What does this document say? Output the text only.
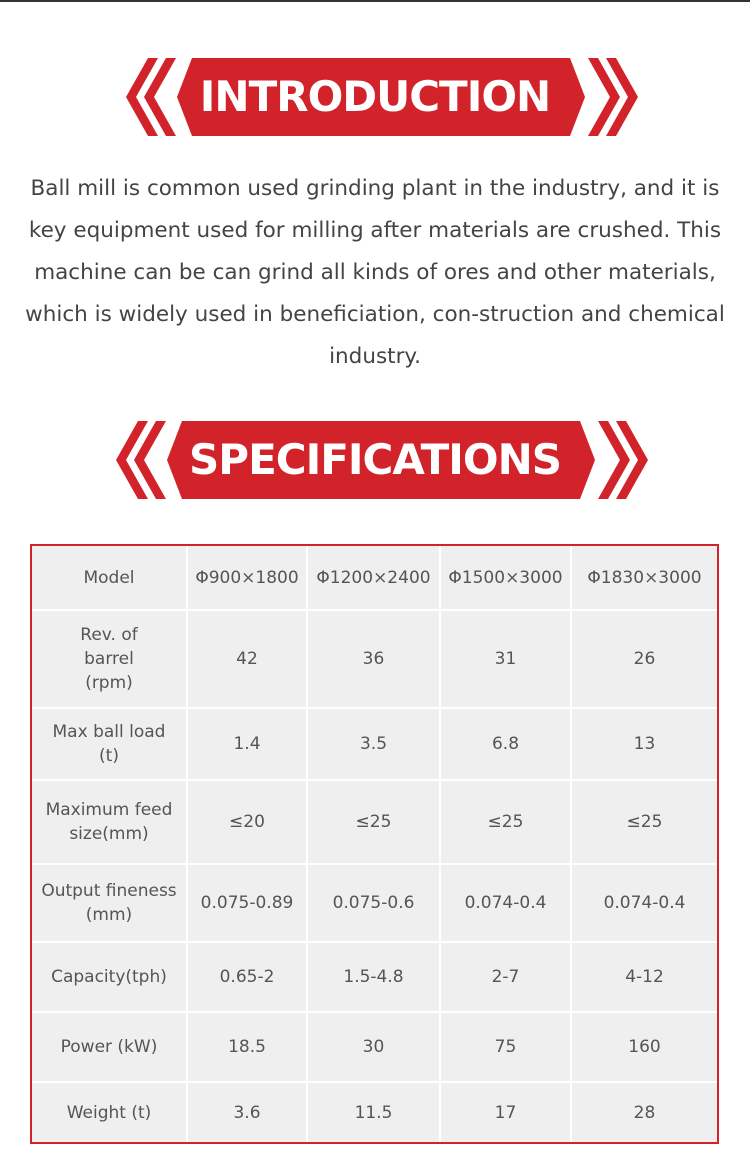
INTRODUCTION
Ball mill is common used grinding plant in the industry, and it is key equipment used for milling after materials are crushed. This machine can be can grind all kinds of ores and other materials, which is widely used in beneficiation, con-struction and chemical industry.
SPECIFICATIONS
Model	Φ900×1800	Φ1200×2400	Φ1500×3000	Φ1830×3000
Rev. of
barrel
(rpm)	42	36	31	26
Max ball load
(t)	1.4	3.5	6.8	13
Maximum feed
size(mm)	≤20	≤25	≤25	≤25
Output fineness
(mm)	0.075-0.89	0.075-0.6	0.074-0.4	0.074-0.4
Capacity(tph)	0.65-2	1.5-4.8	2-7	4-12
Power (kW)	18.5	30	75	160
Weight (t)	3.6	11.5	17	28
